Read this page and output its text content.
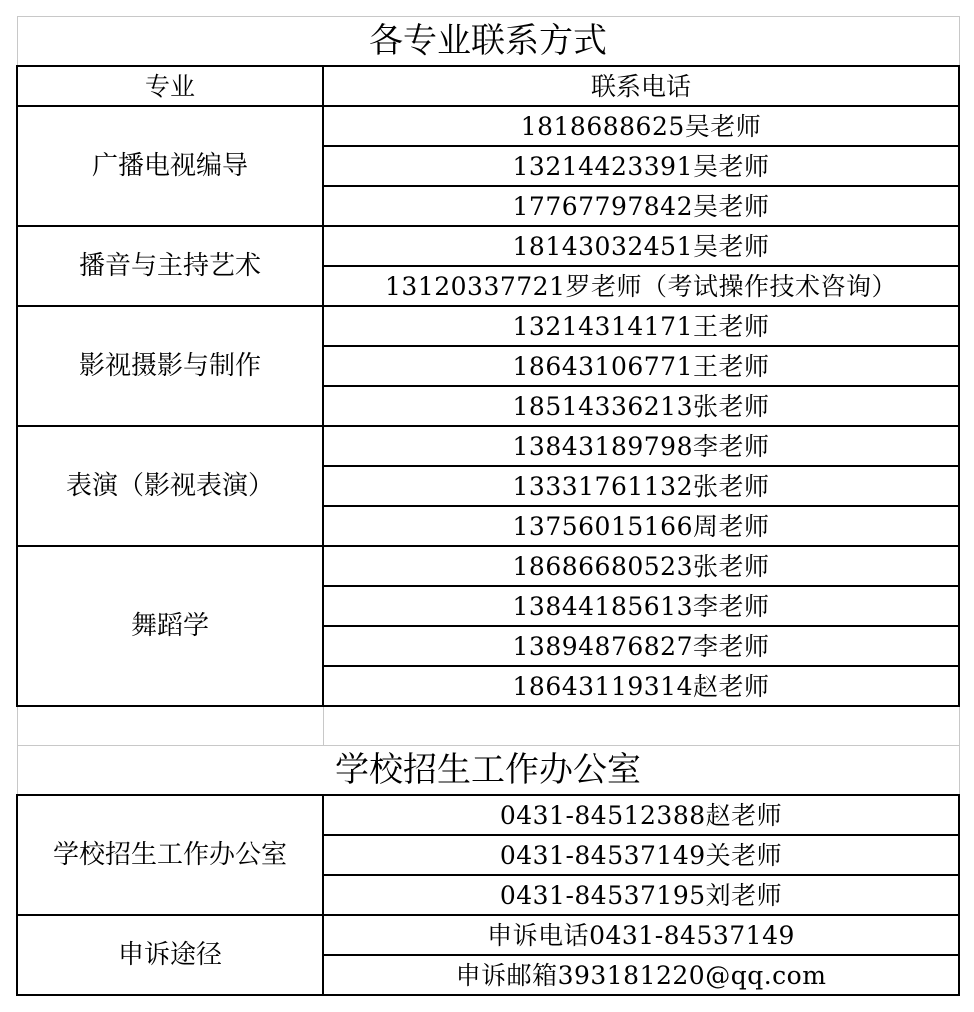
各专业联系方式	
专业	联系电话
广播电视编导	1818688625吴老师
	13214423391吴老师
	17767797842吴老师
播音与主持艺术	18143032451吴老师
	13120337721罗老师（考试操作技术咨询）
影视摄影与制作	13214314171王老师
	18643106771王老师
	18514336213张老师
表演（影视表演）	13843189798李老师
	13331761132张老师
	13756015166周老师
舞蹈学	18686680523张老师
	13844185613李老师
	13894876827李老师
	18643119314赵老师

学校招生工作办公室	
学校招生工作办公室	0431-84512388赵老师
	0431-84537149关老师
	0431-84537195刘老师
申诉途径	申诉电话0431-84537149
	申诉邮箱393181220@qq.com
